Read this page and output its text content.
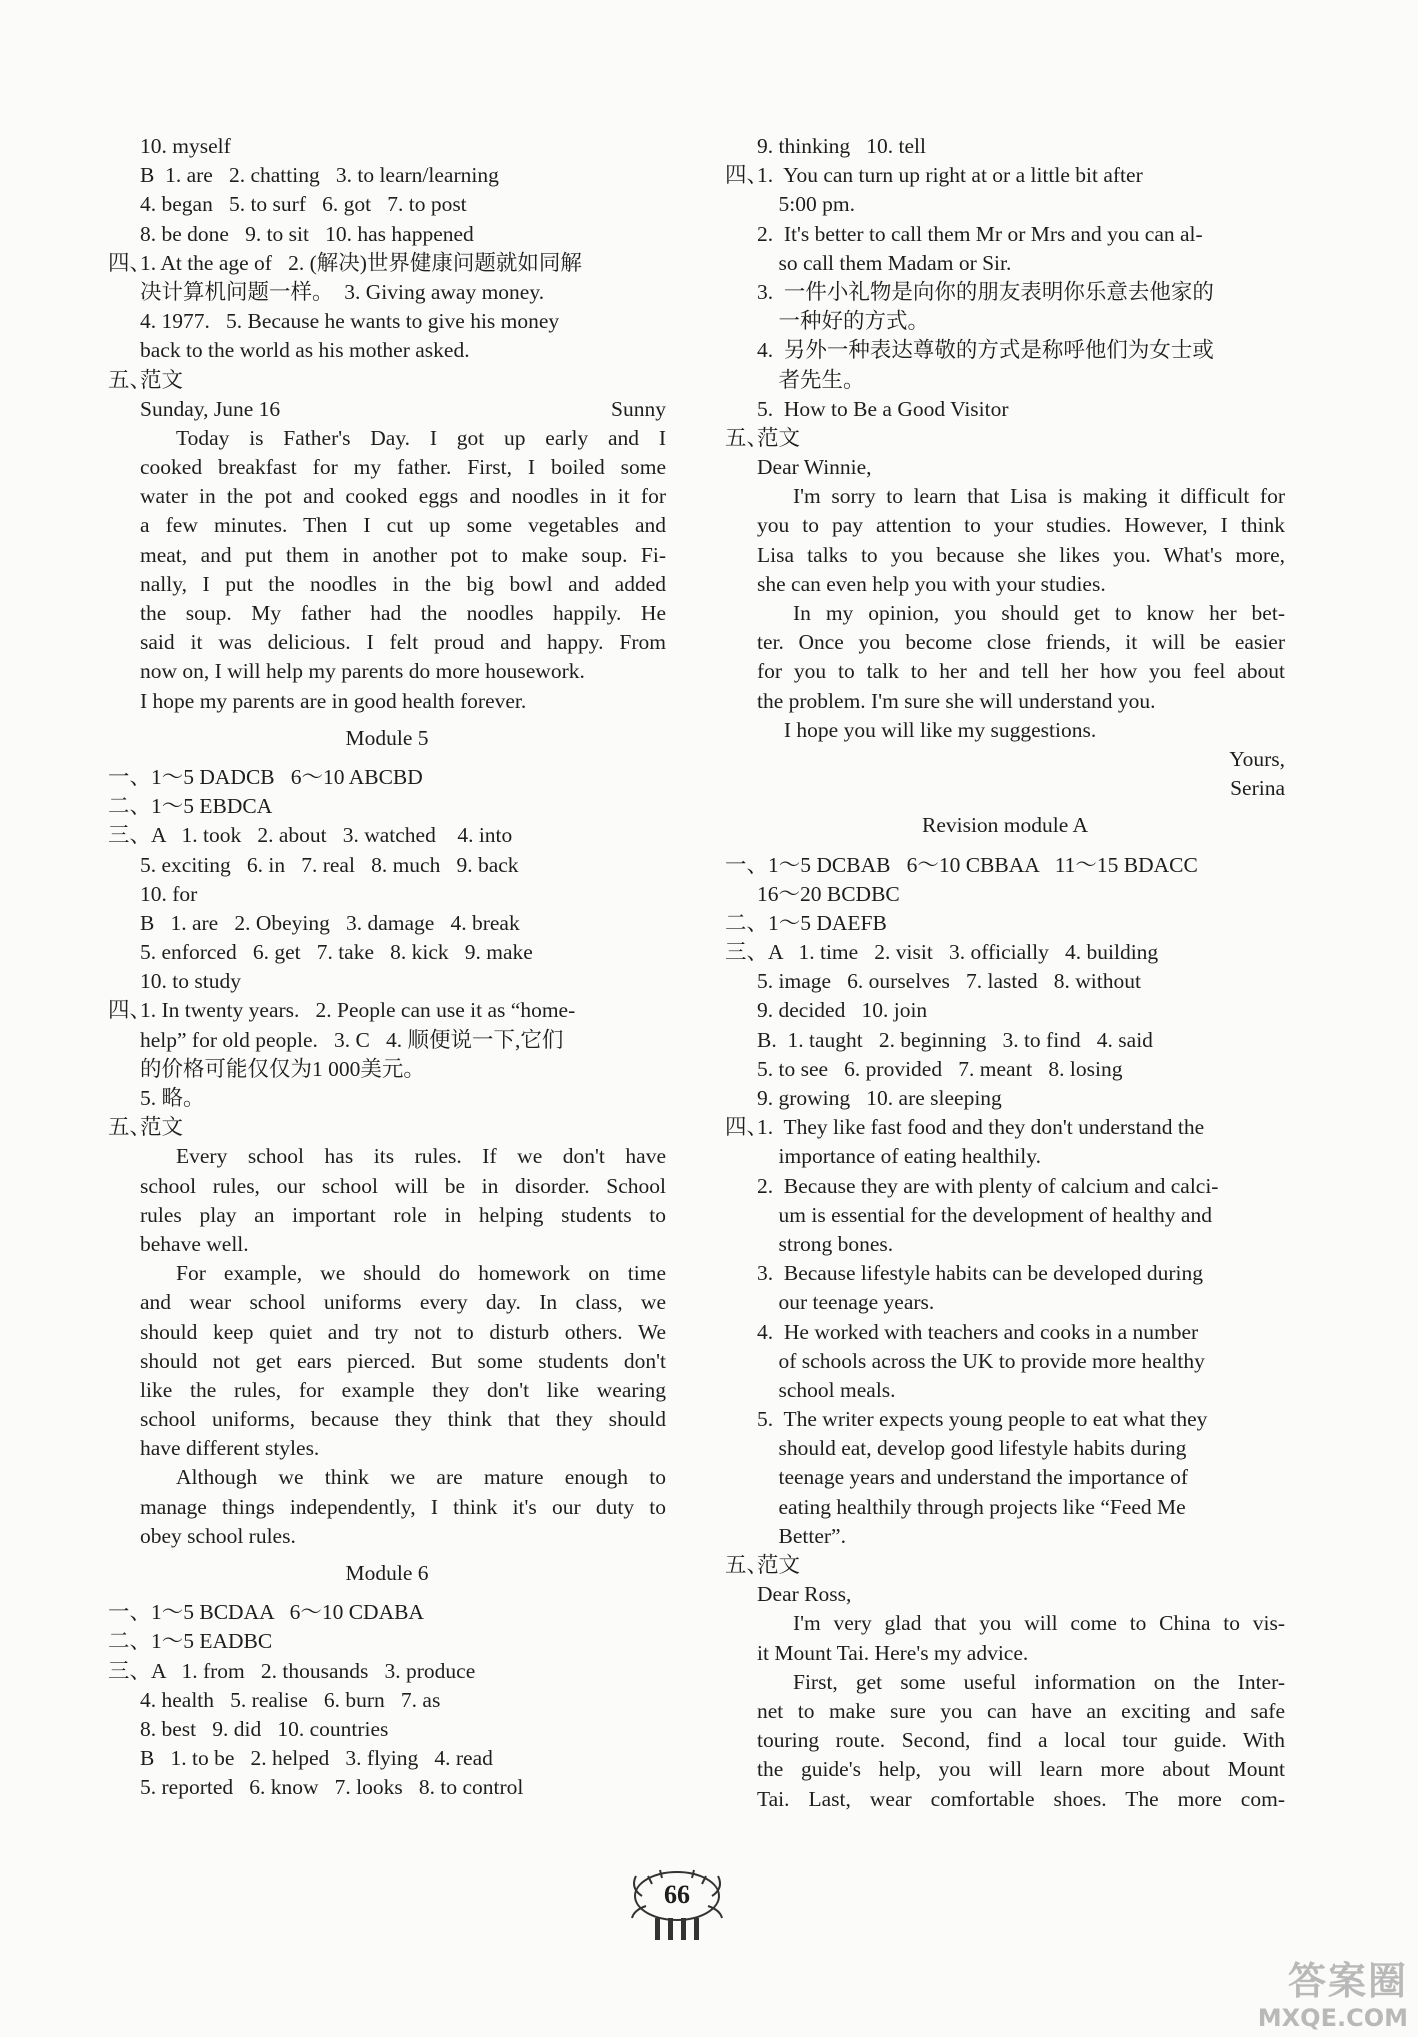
10. myself
B  1. are   2. chatting   3. to learn/learning
4. began   5. to surf   6. got   7. to post
8. be done   9. to sit   10. has happened
四、
1. At the age of   2. (解决)世界健康问题就如同解
决计算机问题一样。  3. Giving away money.
4. 1977.   5. Because he wants to give his money
back to the world as his mother asked.
五、
范文
Sunday, June 16	Sunny
Today is Father's Day. I got up early and I
cooked breakfast for my father. First, I boiled some
water in the pot and cooked eggs and noodles in it for
a few minutes. Then I cut up some vegetables and
meat, and put them in another pot to make soup. Fi-
nally, I put the noodles in the big bowl and added
the soup. My father had the noodles happily. He
said it was delicious. I felt proud and happy. From
now on, I will help my parents do more housework.
I hope my parents are in good health forever.
Module 5
一、1～5 DADCB   6～10 ABCBD
二、1～5 EBDCA
三、A   1. took   2. about   3. watched    4. into
5. exciting   6. in   7. real   8. much   9. back
10. for
B   1. are   2. Obeying   3. damage   4. break
5. enforced   6. get   7. take   8. kick   9. make
10. to study
四、
1. In twenty years.   2. People can use it as “home-
help” for old people.   3. C   4. 顺便说一下,它们
的价格可能仅仅为1 000美元。
5. 略。
五、
范文
Every school has its rules. If we don't have
school rules, our school will be in disorder. School
rules play an important role in helping students to
behave well.
For example, we should do homework on time
and wear school uniforms every day. In class, we
should keep quiet and try not to disturb others. We
should not get ears pierced. But some students don't
like the rules, for example they don't like wearing
school uniforms, because they think that they should
have different styles.
Although we think we are mature enough to
manage things independently, I think it's our duty to
obey school rules.
Module 6
一、1～5 BCDAA   6～10 CDABA
二、1～5 EADBC
三、A   1. from   2. thousands   3. produce
4. health   5. realise   6. burn   7. as
8. best   9. did   10. countries
B   1. to be   2. helped   3. flying   4. read
5. reported   6. know   7. looks   8. to control
9. thinking   10. tell
四、
1.  You can turn up right at or a little bit after
5:00 pm.
2.  It's better to call them Mr or Mrs and you can al-
so call them Madam or Sir.
3.  一件小礼物是向你的朋友表明你乐意去他家的
一种好的方式。
4.  另外一种表达尊敬的方式是称呼他们为女士或
者先生。
5.  How to Be a Good Visitor
五、
范文
Dear Winnie,
I'm sorry to learn that Lisa is making it difficult for
you to pay attention to your studies. However, I think
Lisa talks to you because she likes you. What's more,
she can even help you with your studies.
In my opinion, you should get to know her bet-
ter. Once you become close friends, it will be easier
for you to talk to her and tell her how you feel about
the problem. I'm sure she will understand you.
I hope you will like my suggestions.
Yours,
Serina
Revision module A
一、1～5 DCBAB   6～10 CBBAA   11～15 BDACC
16～20 BCDBC
二、1～5 DAEFB
三、A   1. time   2. visit   3. officially   4. building
5. image   6. ourselves   7. lasted   8. without
9. decided   10. join
B.  1. taught   2. beginning   3. to find   4. said
5. to see   6. provided   7. meant   8. losing
9. growing   10. are sleeping
四、
1.  They like fast food and they don't understand the
importance of eating healthily.
2.  Because they are with plenty of calcium and calci-
um is essential for the development of healthy and
strong bones.
3.  Because lifestyle habits can be developed during
our teenage years.
4.  He worked with teachers and cooks in a number
of schools across the UK to provide more healthy
school meals.
5.  The writer expects young people to eat what they
should eat, develop good lifestyle habits during
teenage years and understand the importance of
eating healthily through projects like “Feed Me
Better”.
五、
范文
Dear Ross,
I'm very glad that you will come to China to vis-
it Mount Tai. Here's my advice.
First, get some useful information on the Inter-
net to make sure you can have an exciting and safe
touring route. Second, find a local tour guide. With
the guide's help, you will learn more about Mount
Tai. Last, wear comfortable shoes. The more com-
66
答案圈
MXQE.COM
